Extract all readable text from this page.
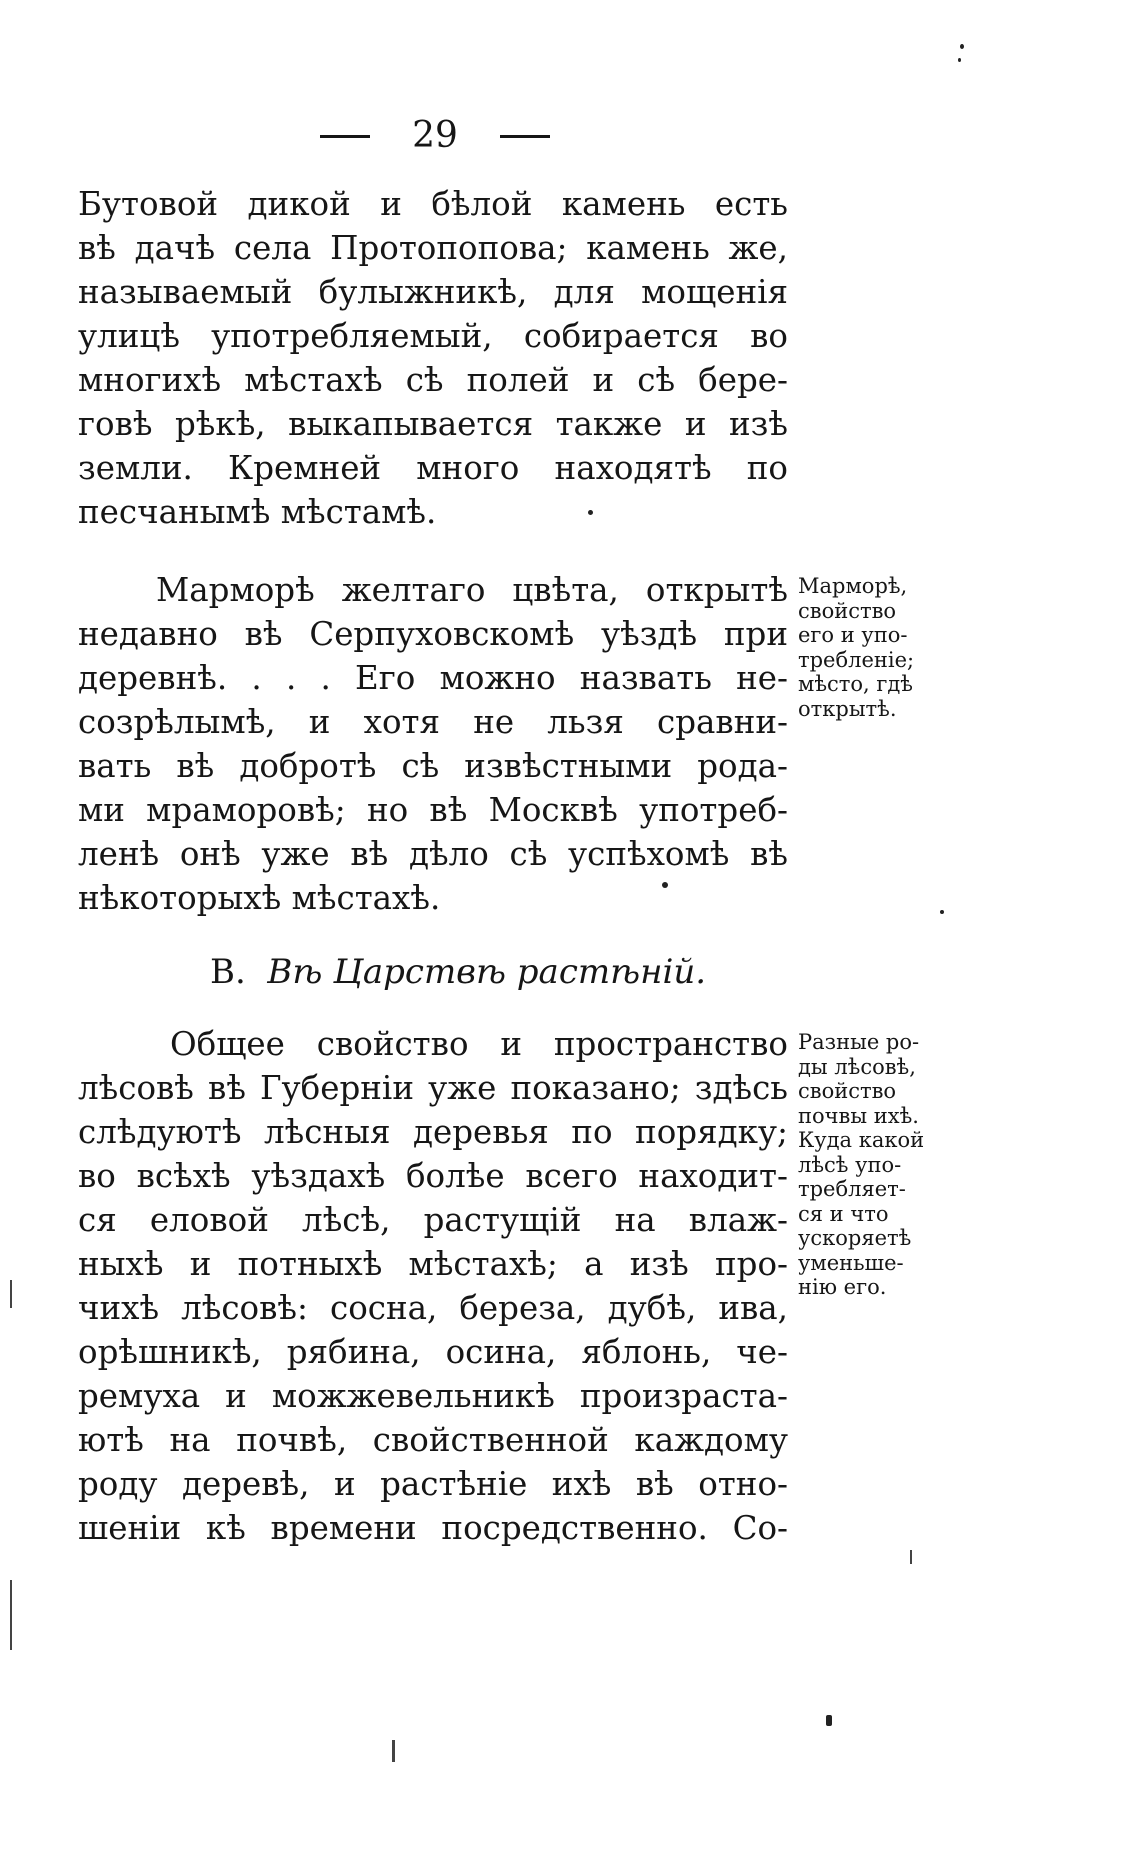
29
Бутовой дикой и бѣлой камень есть
вѣ дачѣ села Протопопова; камень же,
называемый булыжникѣ, для мощенія
улицѣ употребляемый, собирается во
многихѣ мѣстахѣ сѣ полей и сѣ бере-
говѣ рѣкѣ, выкапывается также и изѣ
земли. Кремней много находятѣ по
песчанымѣ мѣстамѣ.
Марморѣ желтаго цвѣта, открытѣ
недавно вѣ Серпуховскомѣ уѣздѣ при
деревнѣ. . . . Его можно назвать не-
созрѣлымѣ, и хотя не льзя сравни-
вать вѣ добротѣ сѣ извѣстными рода-
ми мраморовѣ; но вѣ Москвѣ употреб-
ленѣ онѣ уже вѣ дѣло сѣ успѣхомѣ вѣ
нѣкоторыхѣ мѣстахѣ.
Марморѣ,
свойство
его и упо-
требленіе;
мѣсто, гдѣ
открытѣ.
В. Вѣ Царствѣ растѣній.
Общее свойство и пространство
лѣсовѣ вѣ Губерніи уже показано; здѣсь
слѣдуютѣ лѣсныя деревья по порядку;
во всѣхѣ уѣздахѣ болѣе всего находит-
ся еловой лѣсѣ, растущій на влаж-
ныхѣ и потныхѣ мѣстахѣ; а изѣ про-
чихѣ лѣсовѣ: сосна, береза, дубѣ, ива,
орѣшникѣ, рябина, осина, яблонь, че-
ремуха и можжевельникѣ произраста-
ютѣ на почвѣ, свойственной каждому
роду деревѣ, и растѣніе ихѣ вѣ отно-
шеніи кѣ времени посредственно. Со-
Разные ро-
ды лѣсовѣ,
свойство
почвы ихѣ.
Куда какой
лѣсѣ упо-
требляет-
ся и что
ускоряетѣ
уменьше-
нію его.
